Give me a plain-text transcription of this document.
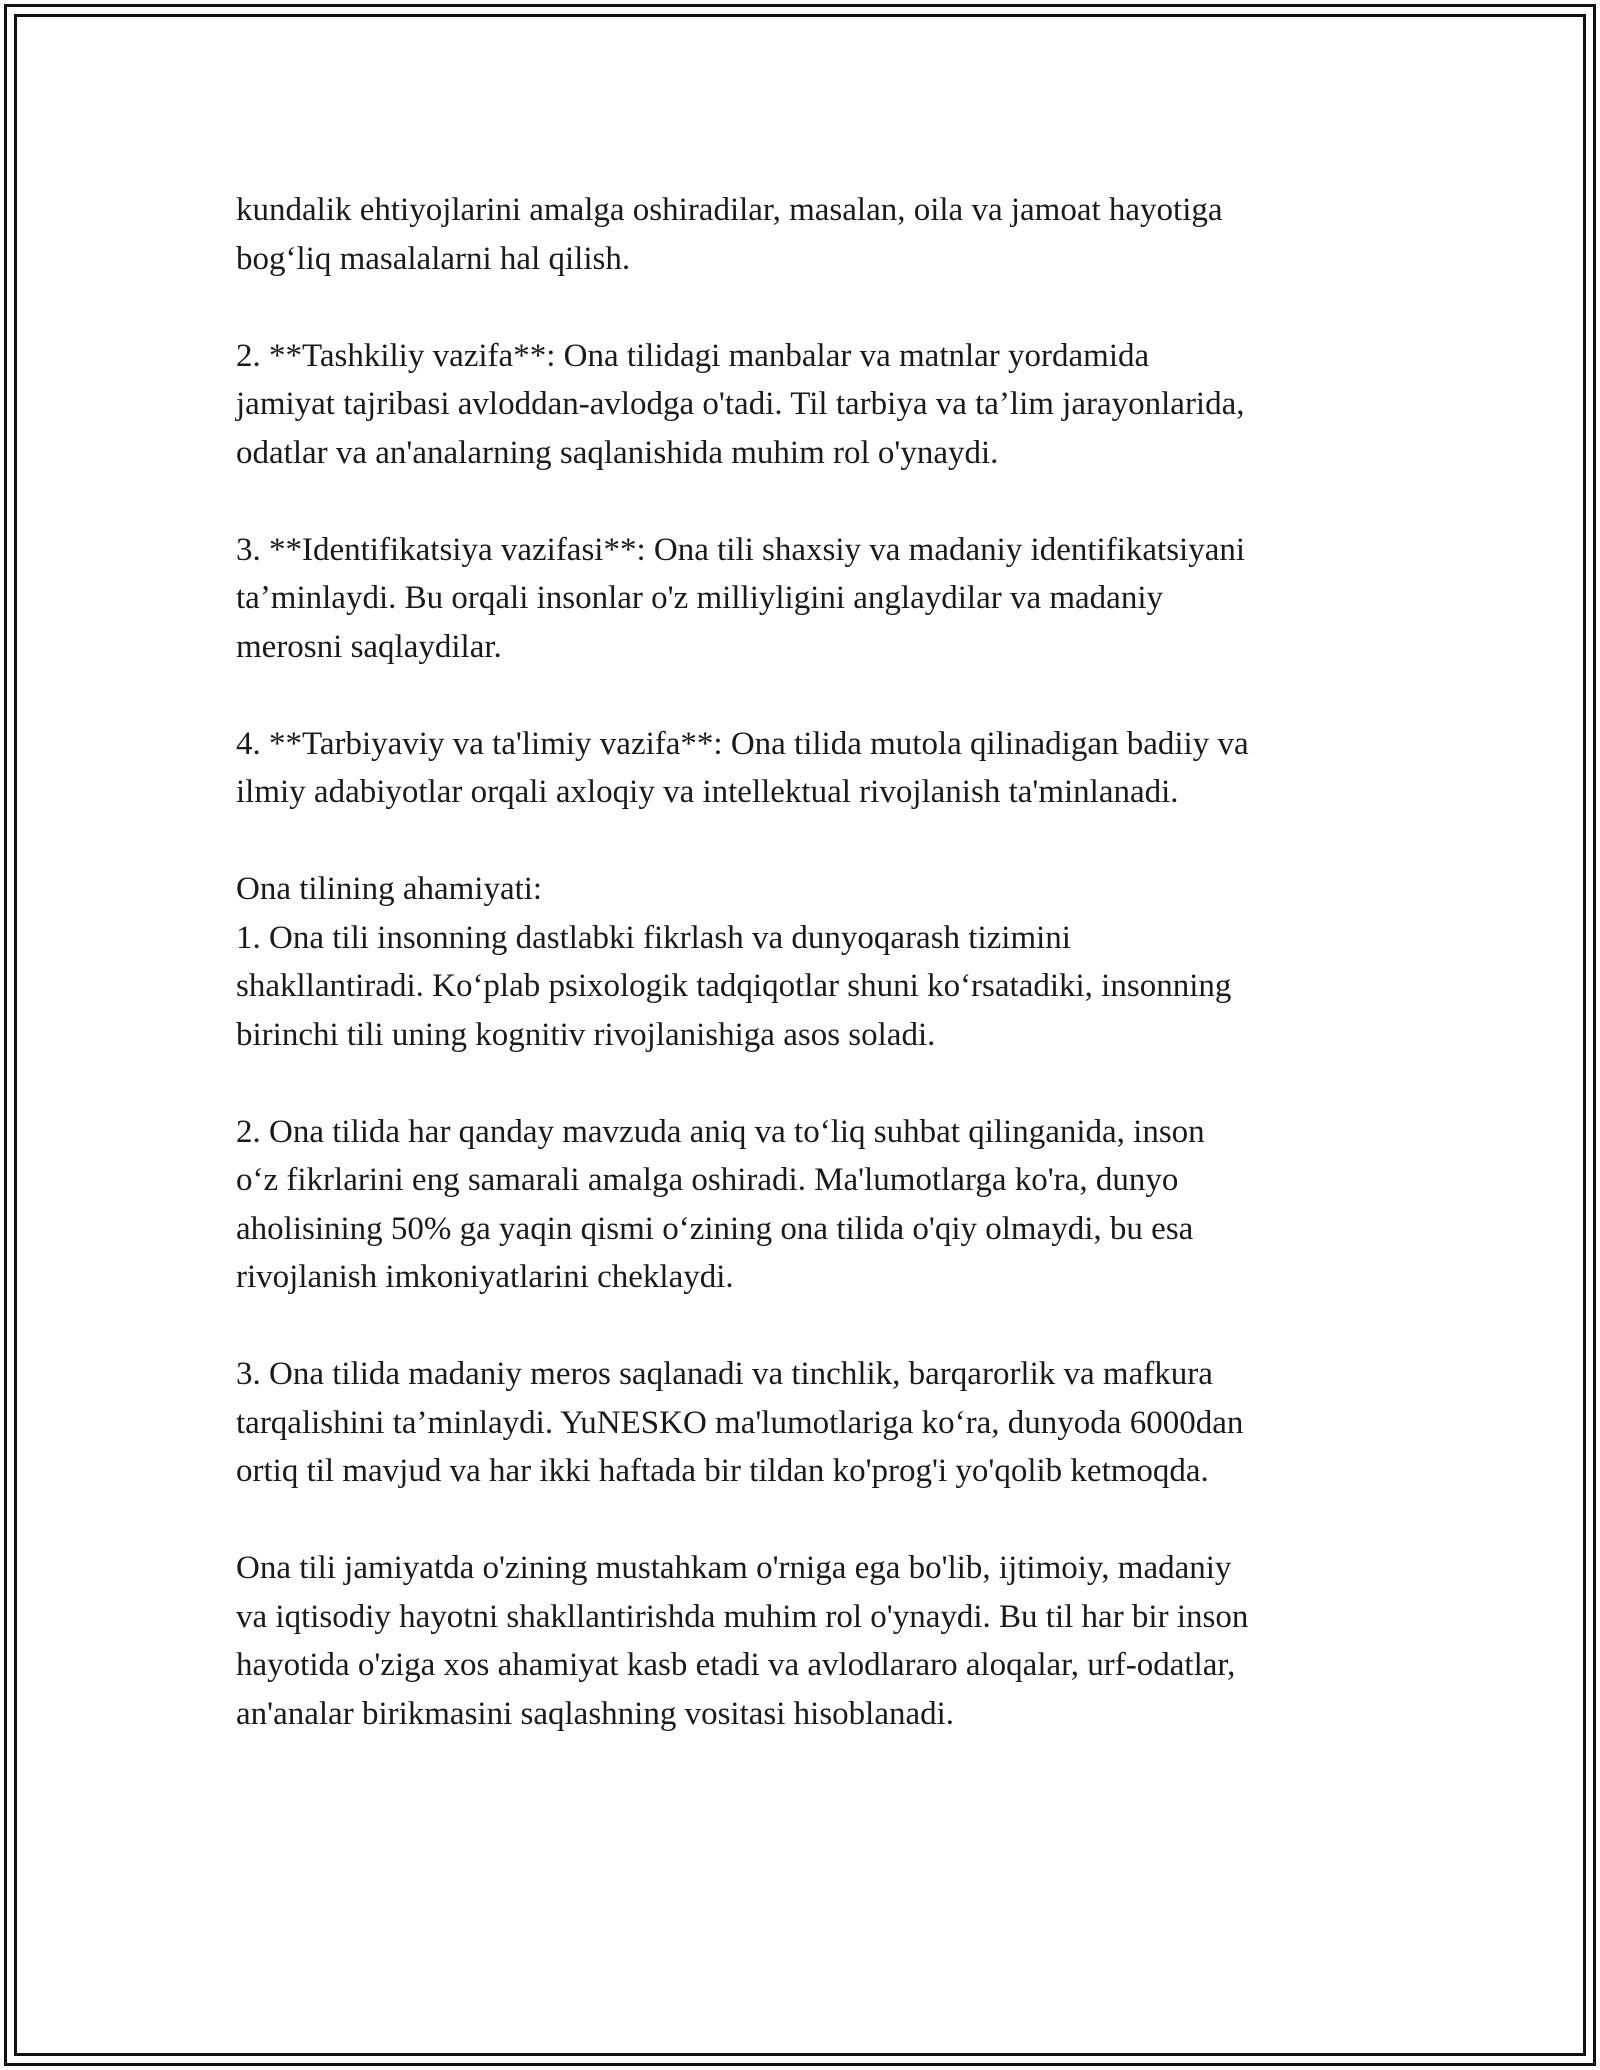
kundalik ehtiyojlarini amalga oshiradilar, masalan, oila va jamoat hayotiga
bog‘liq masalalarni hal qilish.

2. **Tashkiliy vazifa**: Ona tilidagi manbalar va matnlar yordamida
jamiyat tajribasi avloddan-avlodga o'tadi. Til tarbiya va ta’lim jarayonlarida,
odatlar va an'analarning saqlanishida muhim rol o'ynaydi.

3. **Identifikatsiya vazifasi**: Ona tili shaxsiy va madaniy identifikatsiyani
taʼminlaydi. Bu orqali insonlar o'z milliyligini anglaydilar va madaniy
merosni saqlaydilar.

4. **Tarbiyaviy va ta'limiy vazifa**: Ona tilida mutola qilinadigan badiiy va
ilmiy adabiyotlar orqali axloqiy va intellektual rivojlanish ta'minlanadi.

Ona tilining ahamiyati:
1. Ona tili insonning dastlabki fikrlash va dunyoqarash tizimini
shakllantiradi. Ko‘plab psixologik tadqiqotlar shuni ko‘rsatadiki, insonning
birinchi tili uning kognitiv rivojlanishiga asos soladi.

2. Ona tilida har qanday mavzuda aniq va to‘liq suhbat qilinganida, inson
o‘z fikrlarini eng samarali amalga oshiradi. Ma'lumotlarga ko'ra, dunyo
aholisining 50% ga yaqin qismi o‘zining ona tilida o'qiy olmaydi, bu esa
rivojlanish imkoniyatlarini cheklaydi.

3. Ona tilida madaniy meros saqlanadi va tinchlik, barqarorlik va mafkura
tarqalishini ta’minlaydi. YuNESKO ma'lumotlariga ko‘ra, dunyoda 6000dan
ortiq til mavjud va har ikki haftada bir tildan ko'prog'i yo'qolib ketmoqda.

Ona tili jamiyatda o'zining mustahkam o'rniga ega bo'lib, ijtimoiy, madaniy
va iqtisodiy hayotni shakllantirishda muhim rol o'ynaydi. Bu til har bir inson
hayotida o'ziga xos ahamiyat kasb etadi va avlodlararo aloqalar, urf-odatlar,
an'analar birikmasini saqlashning vositasi hisoblanadi.
